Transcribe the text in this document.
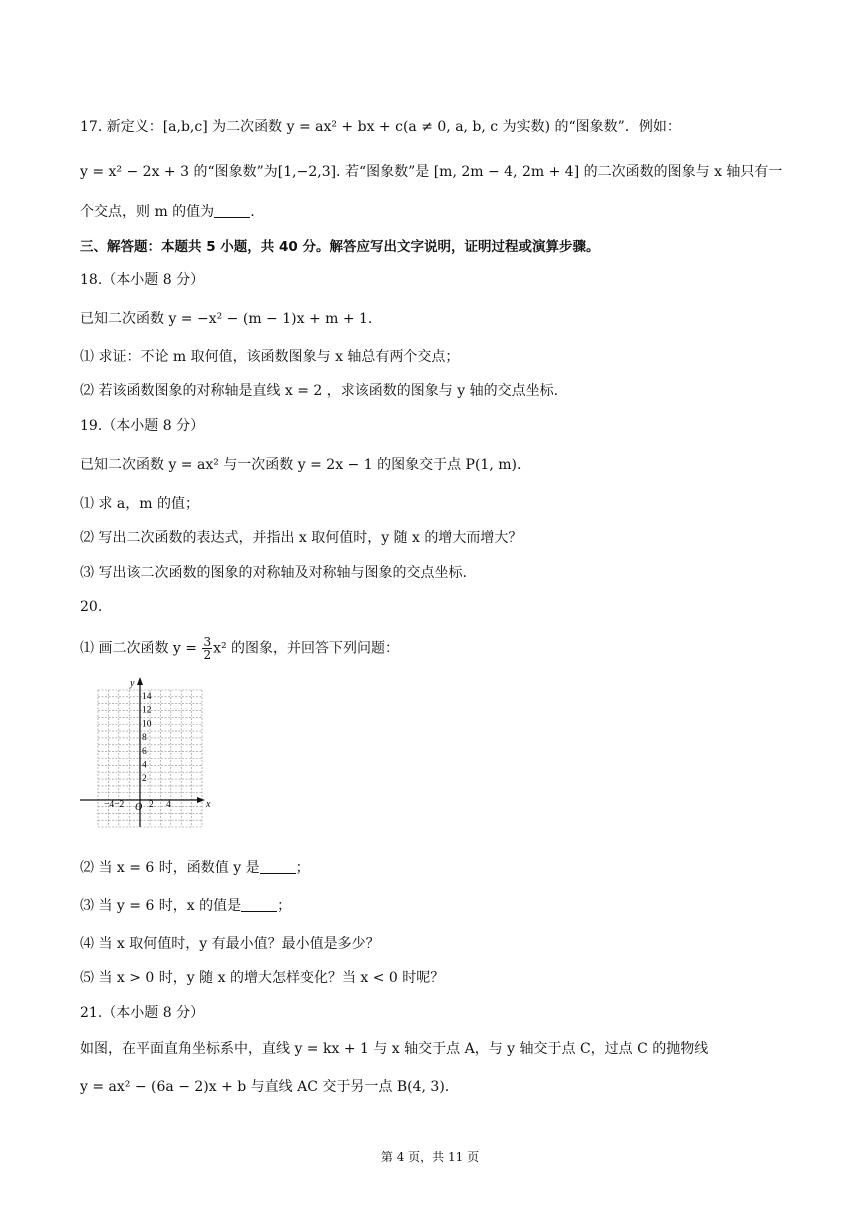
17. 新定义：[a,b,c] 为二次函数 y = ax² + bx + c(a ≠ 0, a, b, c 为实数) 的“图象数”．例如：
y = x² − 2x + 3 的“图象数”为[1,−2,3]. 若“图象数”是 [m, 2m − 4, 2m + 4] 的二次函数的图象与 x 轴只有一
个交点，则 m 的值为	.
三、解答题：本题共 5 小题，共 40 分。解答应写出文字说明，证明过程或演算步骤。
18.（本小题 8 分）
已知二次函数 y = −x² − (m − 1)x + m + 1.
⑴ 求证：不论 m 取何值，该函数图象与 x 轴总有两个交点；
⑵ 若该函数图象的对称轴是直线 x = 2 ，求该函数的图象与 y 轴的交点坐标.
19.（本小题 8 分）
已知二次函数 y = ax² 与一次函数 y = 2x − 1 的图象交于点 P(1, m).
⑴ 求 a，m 的值；
⑵ 写出二次函数的表达式，并指出 x 取何值时，y 随 x 的增大而增大？
⑶ 写出该二次函数的图象的对称轴及对称轴与图象的交点坐标.
20.
⑴ 画二次函数 $y = \frac{3}{2} x^2$ 的图象，并回答下列问题：
y
x
O
14
12
10
8
6
4
2
−4−2	2 4
⑵ 当 x = 6 时，函数值 y 是	；
⑶ 当 y = 6 时，x 的值是	；
⑷ 当 x 取何值时，y 有最小值？最小值是多少？
⑸ 当 x > 0 时，y 随 x 的增大怎样变化？当 x < 0 时呢？
21.（本小题 8 分）
如图，在平面直角坐标系中，直线 y = kx + 1 与 x 轴交于点 A，与 y 轴交于点 C，过点 C 的抛物线
y = ax² − (6a − 2)x + b 与直线 AC 交于另一点 B(4, 3).
第 4 页，共 11 页
